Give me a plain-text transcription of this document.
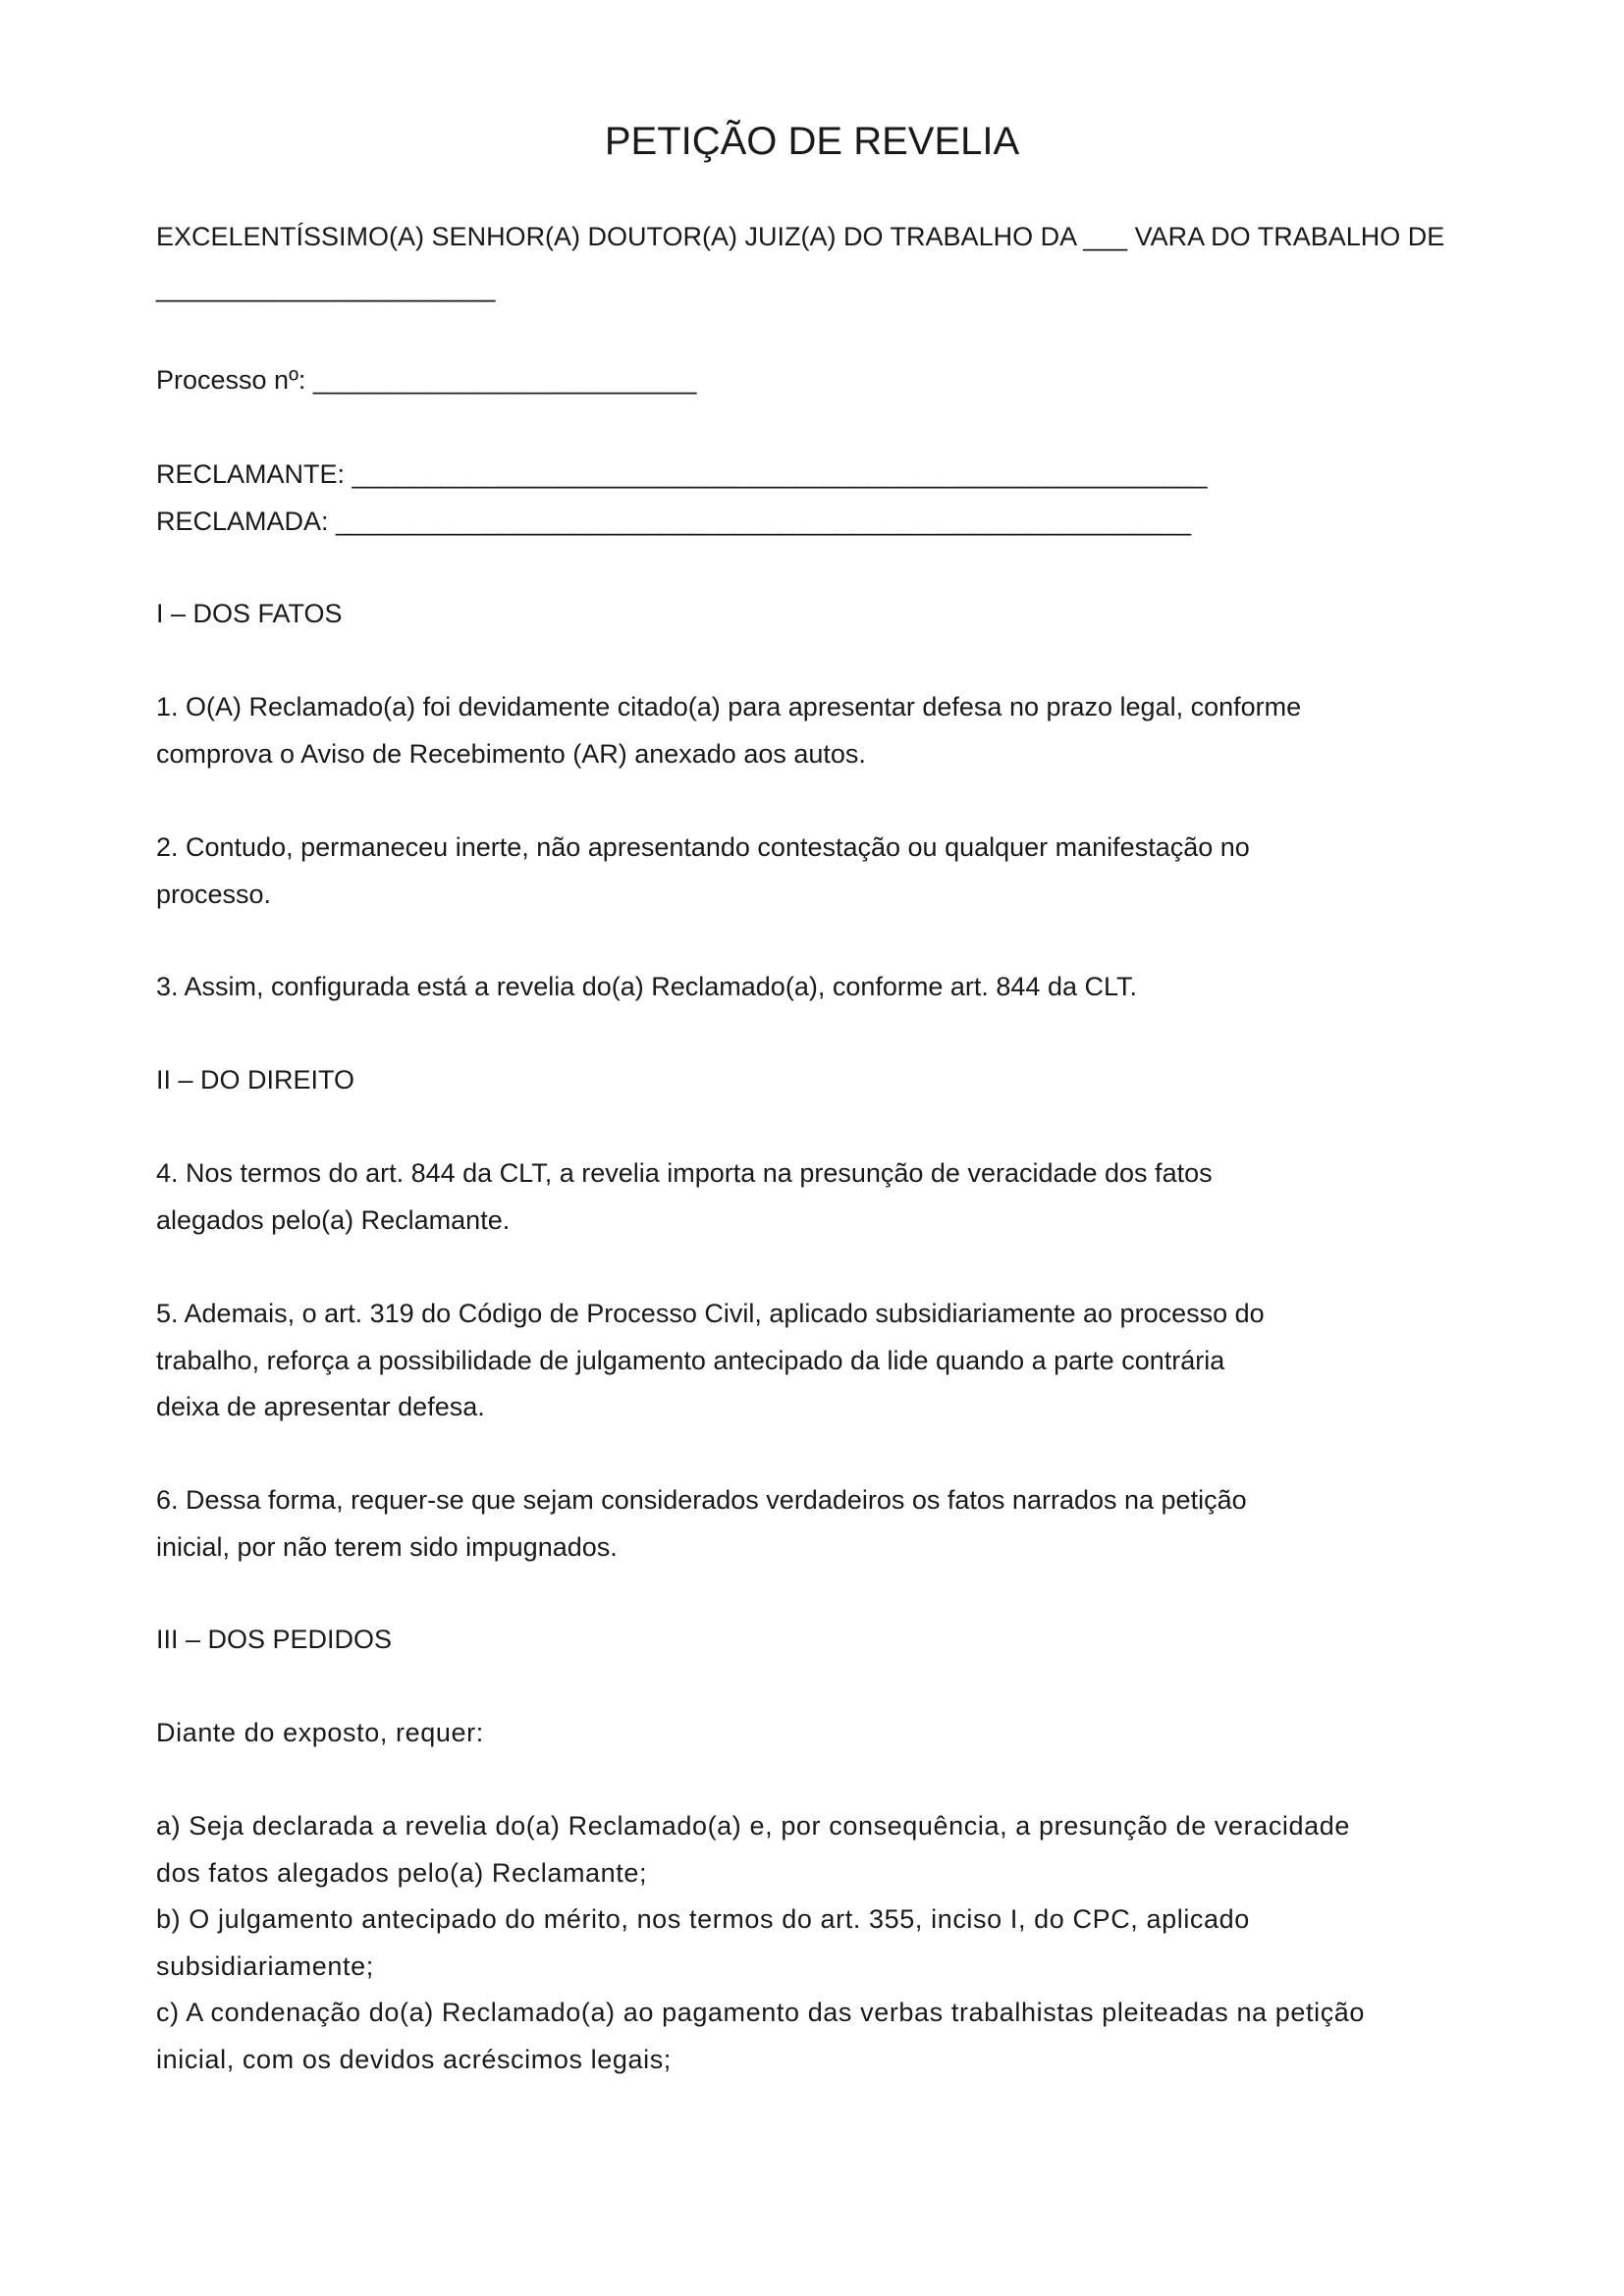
PETIÇÃO DE REVELIA

EXCELENTÍSSIMO(A) SENHOR(A) DOUTOR(A) JUIZ(A) DO TRABALHO DA ___ VARA DO TRABALHO DE

_______________________

Processo nº: __________________________

RECLAMANTE: __________________________________________________________

RECLAMADA: __________________________________________________________

I – DOS FATOS

1. O(A) Reclamado(a) foi devidamente citado(a) para apresentar defesa no prazo legal, conforme

comprova o Aviso de Recebimento (AR) anexado aos autos.

2. Contudo, permaneceu inerte, não apresentando contestação ou qualquer manifestação no

processo.

3. Assim, configurada está a revelia do(a) Reclamado(a), conforme art. 844 da CLT.

II – DO DIREITO

4. Nos termos do art. 844 da CLT, a revelia importa na presunção de veracidade dos fatos

alegados pelo(a) Reclamante.

5. Ademais, o art. 319 do Código de Processo Civil, aplicado subsidiariamente ao processo do

trabalho, reforça a possibilidade de julgamento antecipado da lide quando a parte contrária

deixa de apresentar defesa.

6. Dessa forma, requer-se que sejam considerados verdadeiros os fatos narrados na petição

inicial, por não terem sido impugnados.

III – DOS PEDIDOS

Diante do exposto, requer:

a) Seja declarada a revelia do(a) Reclamado(a) e, por consequência, a presunção de veracidade

dos fatos alegados pelo(a) Reclamante;

b) O julgamento antecipado do mérito, nos termos do art. 355, inciso I, do CPC, aplicado

subsidiariamente;

c) A condenação do(a) Reclamado(a) ao pagamento das verbas trabalhistas pleiteadas na petição

inicial, com os devidos acréscimos legais;
